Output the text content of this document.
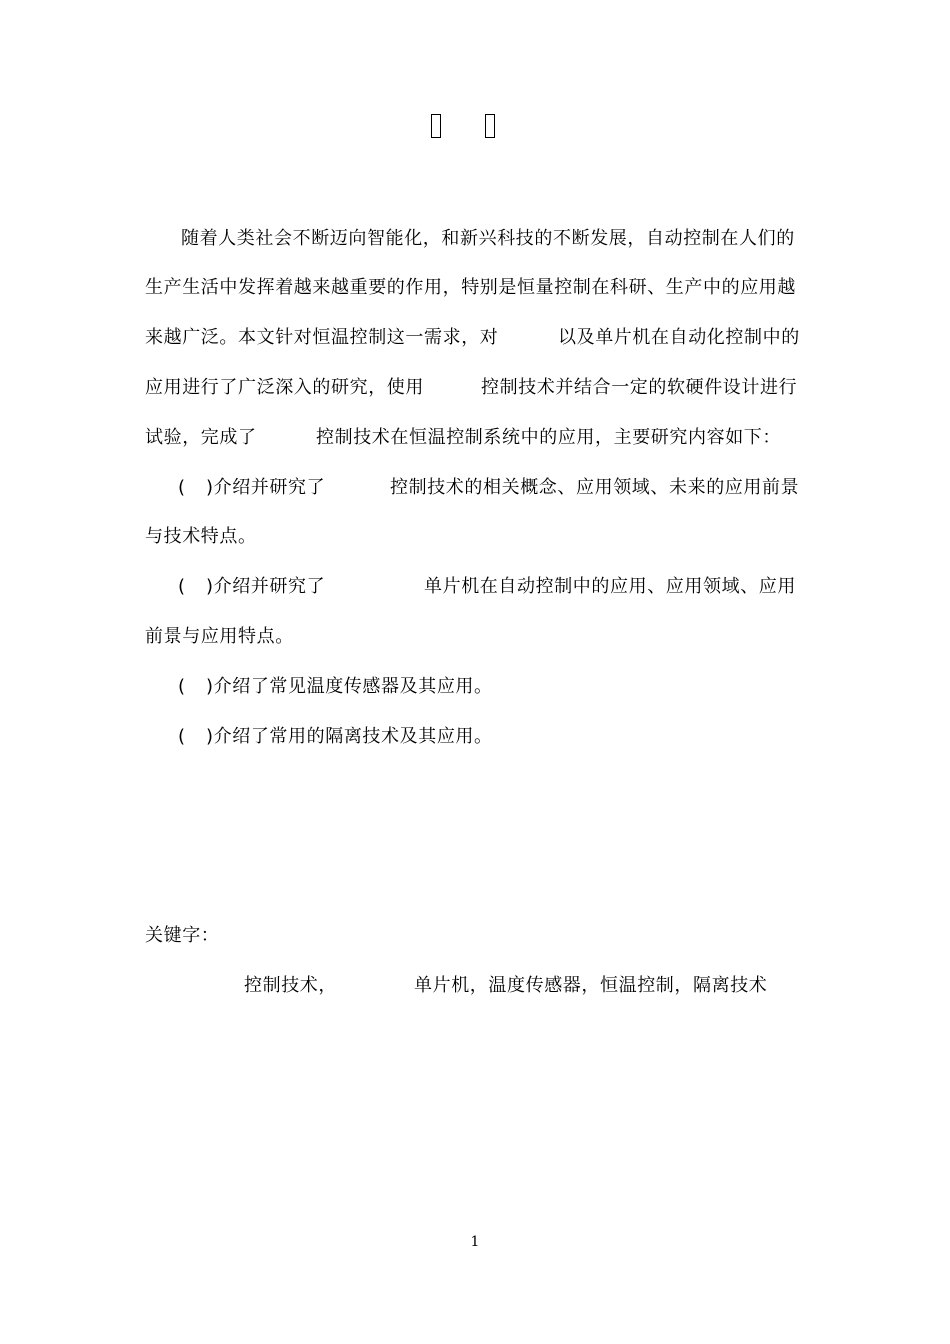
随着人类社会不断迈向智能化，和新兴科技的不断发展，自动控制在人们的
生产生活中发挥着越来越重要的作用，特别是恒量控制在科研、生产中的应用越
来越广泛。本文针对恒温控制这一需求，对	以及单片机在自动化控制中的
应用进行了广泛深入的研究，使用	控制技术并结合一定的软硬件设计进行
试验，完成了	控制技术在恒温控制系统中的应用，主要研究内容如下：
( )介绍并研究了	控制技术的相关概念、应用领域、未来的应用前景
与技术特点。
( )介绍并研究了	单片机在自动控制中的应用、应用领域、应用
前景与应用特点。
( )介绍了常见温度传感器及其应用。
( )介绍了常用的隔离技术及其应用。
关键字：
控制技术，	单片机，温度传感器，恒温控制，隔离技术
1
